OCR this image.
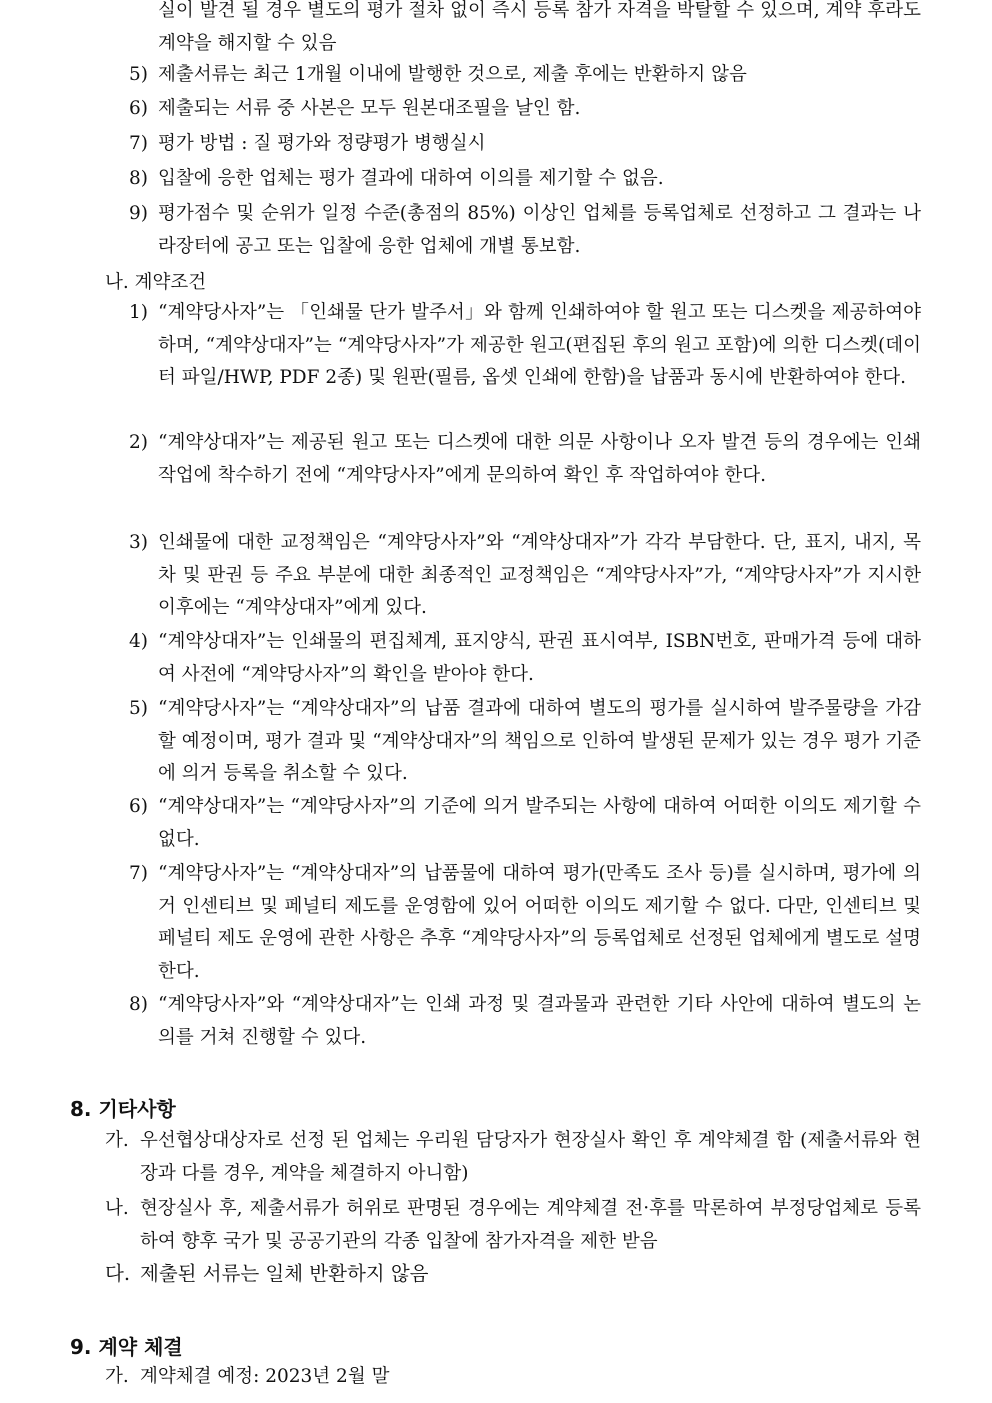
실이 발견 될 경우 별도의 평가 절차 없이 즉시 등록 참가 자격을 박탈할 수 있으며, 계약 후라도 계약을 해지할 수 있음
5) 제출서류는 최근 1개월 이내에 발행한 것으로, 제출 후에는 반환하지 않음
6) 제출되는 서류 중 사본은 모두 원본대조필을 날인 함.
7) 평가 방법 : 질 평가와 정량평가 병행실시
8) 입찰에 응한 업체는 평가 결과에 대하여 이의를 제기할 수 없음.
9) 평가점수 및 순위가 일정 수준(총점의 85%) 이상인 업체를 등록업체로 선정하고 그 결과는 나라장터에 공고 또는 입찰에 응한 업체에 개별 통보함.
나. 계약조건
1) “계약당사자”는 「인쇄물 단가 발주서」와 함께 인쇄하여야 할 원고 또는 디스켓을 제공하여야 하며, “계약상대자”는 “계약당사자”가 제공한 원고(편집된 후의 원고 포함)에 의한 디스켓(데이터 파일/HWP, PDF 2종) 및 원판(필름, 옵셋 인쇄에 한함)을 납품과 동시에 반환하여야 한다.
2) “계약상대자”는 제공된 원고 또는 디스켓에 대한 의문 사항이나 오자 발견 등의 경우에는 인쇄작업에 착수하기 전에 “계약당사자”에게 문의하여 확인 후 작업하여야 한다.
3) 인쇄물에 대한 교정책임은 “계약당사자”와 “계약상대자”가 각각 부담한다. 단, 표지, 내지, 목차 및 판권 등 주요 부분에 대한 최종적인 교정책임은 “계약당사자”가, “계약당사자”가 지시한 이후에는 “계약상대자”에게 있다.
4) “계약상대자”는 인쇄물의 편집체계, 표지양식, 판권 표시여부, ISBN번호, 판매가격 등에 대하여 사전에 “계약당사자”의 확인을 받아야 한다.
5) “계약당사자”는 “계약상대자”의 납품 결과에 대하여 별도의 평가를 실시하여 발주물량을 가감할 예정이며, 평가 결과 및 “계약상대자”의 책임으로 인하여 발생된 문제가 있는 경우 평가 기준에 의거 등록을 취소할 수 있다.
6) “계약상대자”는 “계약당사자”의 기준에 의거 발주되는 사항에 대하여 어떠한 이의도 제기할 수 없다.
7) “계약당사자”는 “계약상대자”의 납품물에 대하여 평가(만족도 조사 등)를 실시하며, 평가에 의거 인센티브 및 페널티 제도를 운영함에 있어 어떠한 이의도 제기할 수 없다. 다만, 인센티브 및 페널티 제도 운영에 관한 사항은 추후 “계약당사자”의 등록업체로 선정된 업체에게 별도로 설명한다.
8) “계약당사자”와 “계약상대자”는 인쇄 과정 및 결과물과 관련한 기타 사안에 대하여 별도의 논의를 거쳐 진행할 수 있다.
8. 기타사항
가. 우선협상대상자로 선정 된 업체는 우리원 담당자가 현장실사 확인 후 계약체결 함 (제출서류와 현장과 다를 경우, 계약을 체결하지 아니함)
나. 현장실사 후, 제출서류가 허위로 판명된 경우에는 계약체결 전·후를 막론하여 부정당업체로 등록하여 향후 국가 및 공공기관의 각종 입찰에 참가자격을 제한 받음
다. 제출된 서류는 일체 반환하지 않음
9. 계약 체결
가. 계약체결 예정: 2023년 2월 말
